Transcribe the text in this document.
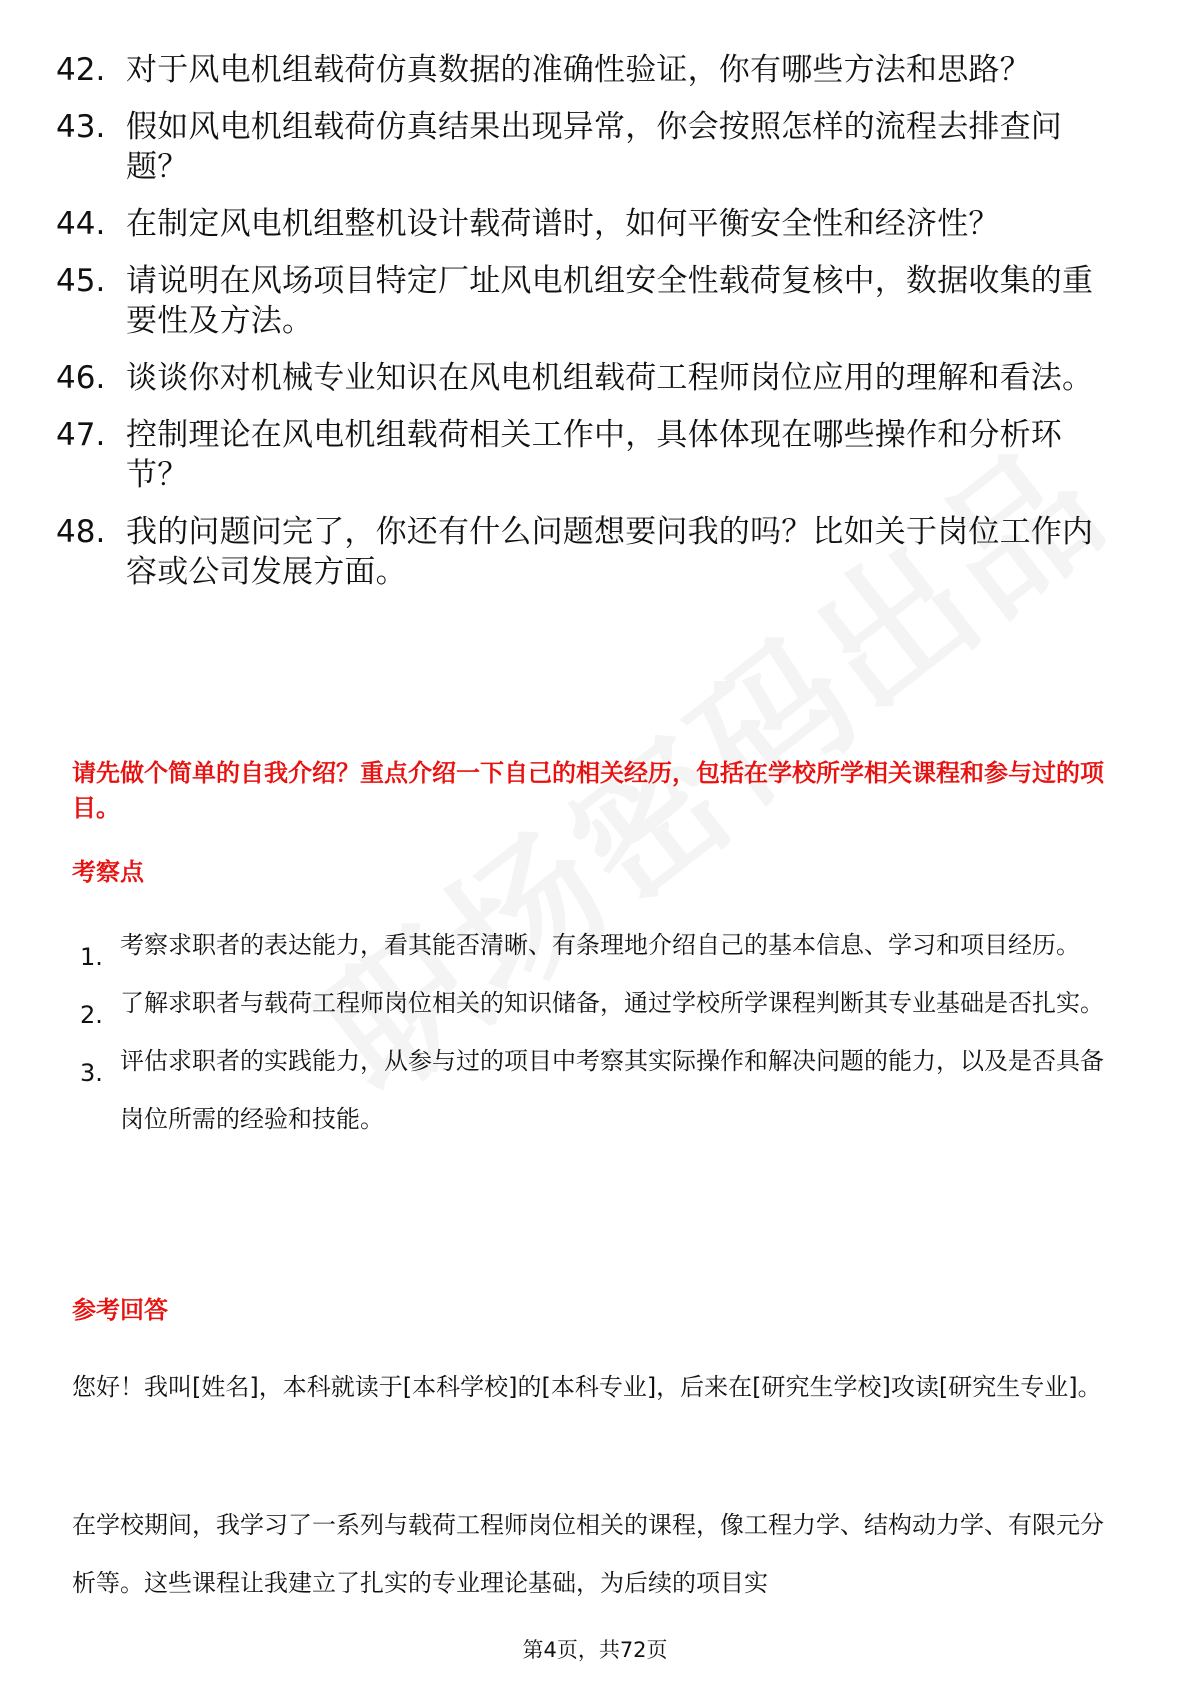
42. 对于风电机组载荷仿真数据的准确性验证，你有哪些方法和思路？
43. 假如风电机组载荷仿真结果出现异常，你会按照怎样的流程去排查问题？
44. 在制定风电机组整机设计载荷谱时，如何平衡安全性和经济性？
45. 请说明在风场项目特定厂址风电机组安全性载荷复核中，数据收集的重要性及方法。
46. 谈谈你对机械专业知识在风电机组载荷工程师岗位应用的理解和看法。
47. 控制理论在风电机组载荷相关工作中，具体体现在哪些操作和分析环节？
48. 我的问题问完了，你还有什么问题想要问我的吗？比如关于岗位工作内容或公司发展方面。

请先做个简单的自我介绍？重点介绍一下自己的相关经历，包括在学校所学相关课程和参与过的项目。

考察点

1. 考察求职者的表达能力，看其能否清晰、有条理地介绍自己的基本信息、学习和项目经历。
2. 了解求职者与载荷工程师岗位相关的知识储备，通过学校所学课程判断其专业基础是否扎实。
3. 评估求职者的实践能力，从参与过的项目中考察其实际操作和解决问题的能力，以及是否具备岗位所需的经验和技能。

参考回答

您好！我叫[姓名]，本科就读于[本科学校]的[本科专业]，后来在[研究生学校]攻读[研究生专业]。

在学校期间，我学习了一系列与载荷工程师岗位相关的课程，像工程力学、结构动力学、有限元分析等。这些课程让我建立了扎实的专业理论基础，为后续的项目实

第4页，共72页
